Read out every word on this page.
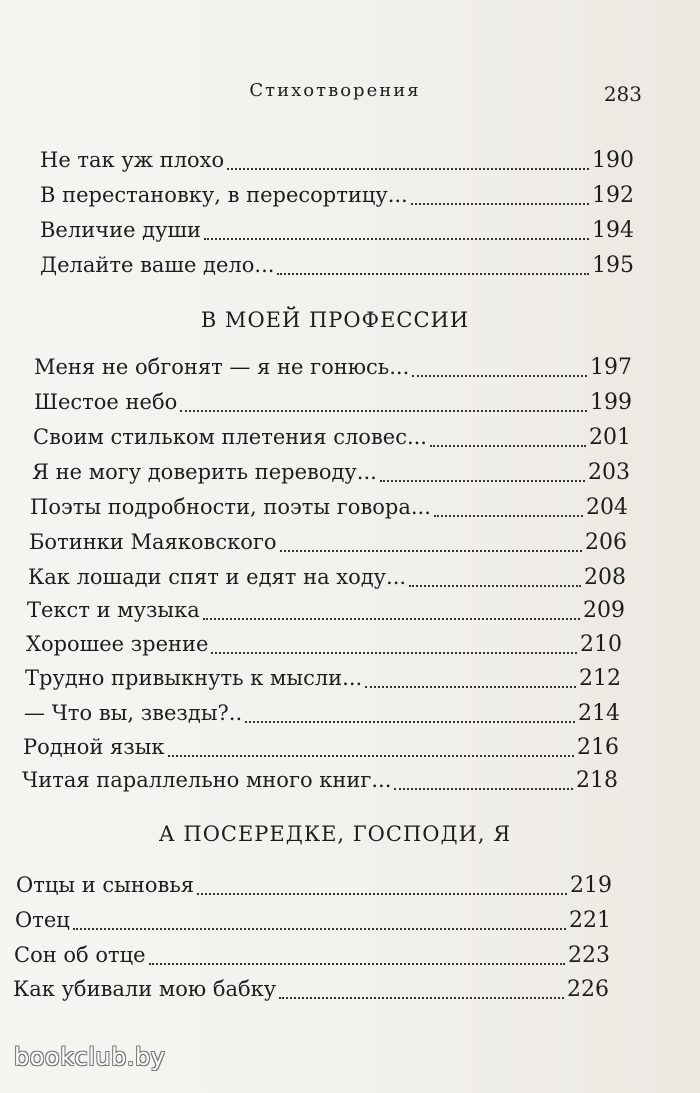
Стихотворения	283
Не так уж плохо	190
В перестановку, в пересортицу...	192
Величие души	194
Делайте ваше дело...	195
В МОЕЙ ПРОФЕССИИ
Меня не обгонят — я не гонюсь...	197
Шестое небо	199
Своим стильком плетения словес...	201
Я не могу доверить переводу...	203
Поэты подробности, поэты говора...	204
Ботинки Маяковского	206
Как лошади спят и едят на ходу...	208
Текст и музыка	209
Хорошее зрение	210
Трудно привыкнуть к мысли...	212
— Что вы, звезды?..	214
Родной язык	216
Читая параллельно много книг...	218
А ПОСЕРЕДКЕ, ГОСПОДИ, Я
Отцы и сыновья	219
Отец	221
Сон об отце	223
Как убивали мою бабку	226
bookclub.by
